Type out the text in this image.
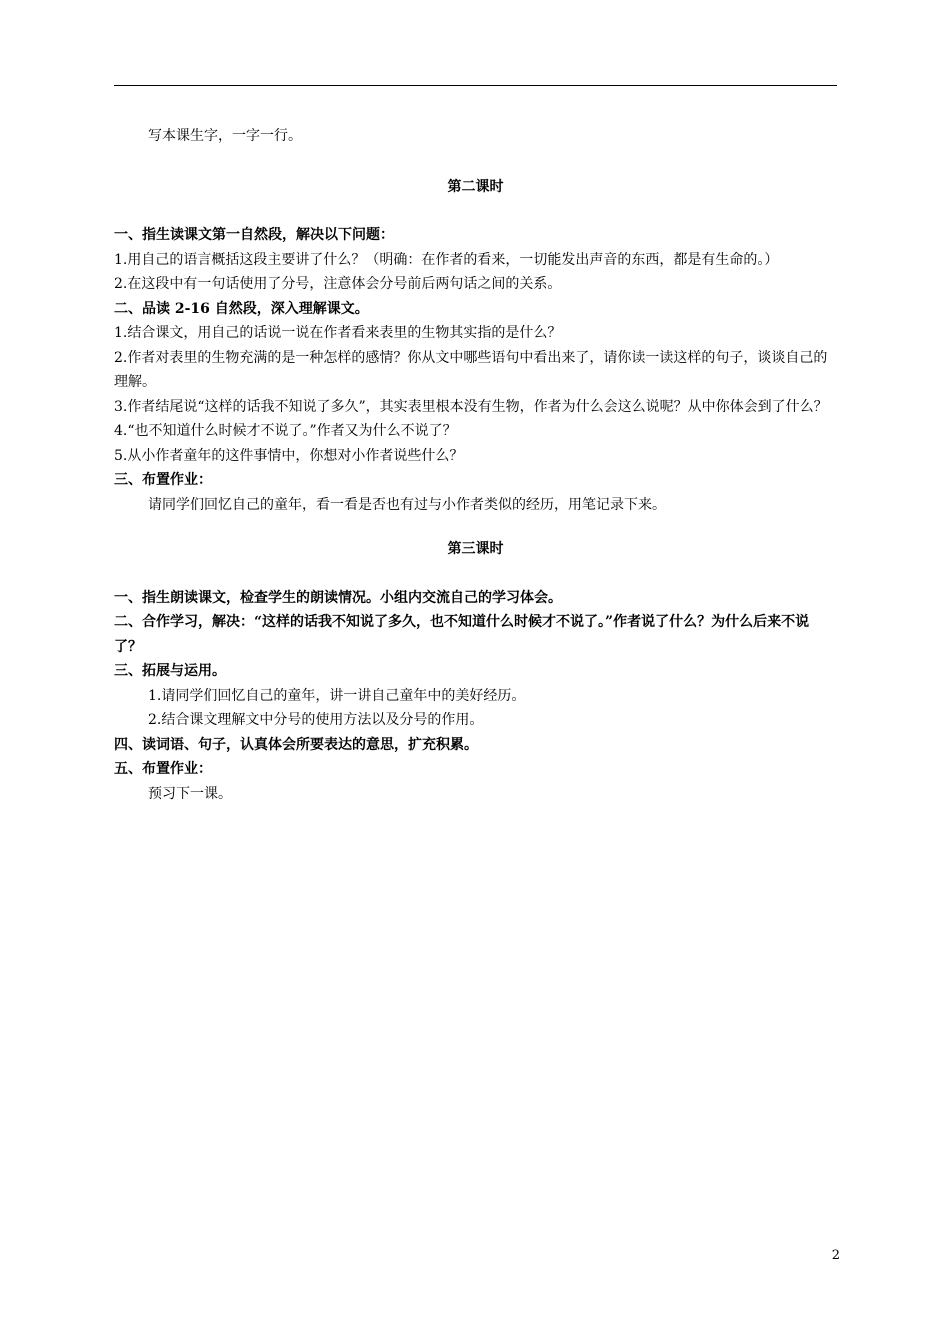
写本课生字，一字一行。

第二课时

一、指生读课文第一自然段，解决以下问题：

1.用自己的语言概括这段主要讲了什么？（明确：在作者的看来，一切能发出声音的东西，都是有生命的。）

2.在这段中有一句话使用了分号，注意体会分号前后两句话之间的关系。

二、品读 2-16 自然段，深入理解课文。

1.结合课文，用自己的话说一说在作者看来表里的生物其实指的是什么？

2.作者对表里的生物充满的是一种怎样的感情？你从文中哪些语句中看出来了，请你读一读这样的句子，谈谈自己的理解。

3.作者结尾说“这样的话我不知说了多久”，其实表里根本没有生物，作者为什么会这么说呢？从中你体会到了什么？

4.“也不知道什么时候才不说了。”作者又为什么不说了？

5.从小作者童年的这件事情中，你想对小作者说些什么？

三、布置作业：

请同学们回忆自己的童年，看一看是否也有过与小作者类似的经历，用笔记录下来。

第三课时

一、指生朗读课文，检查学生的朗读情况。小组内交流自己的学习体会。

二、合作学习，解决：“这样的话我不知说了多久，也不知道什么时候才不说了。”作者说了什么？为什么后来不说了？

三、拓展与运用。

1.请同学们回忆自己的童年，讲一讲自己童年中的美好经历。

2.结合课文理解文中分号的使用方法以及分号的作用。

四、读词语、句子，认真体会所要表达的意思，扩充积累。

五、布置作业：

预习下一课。

2
